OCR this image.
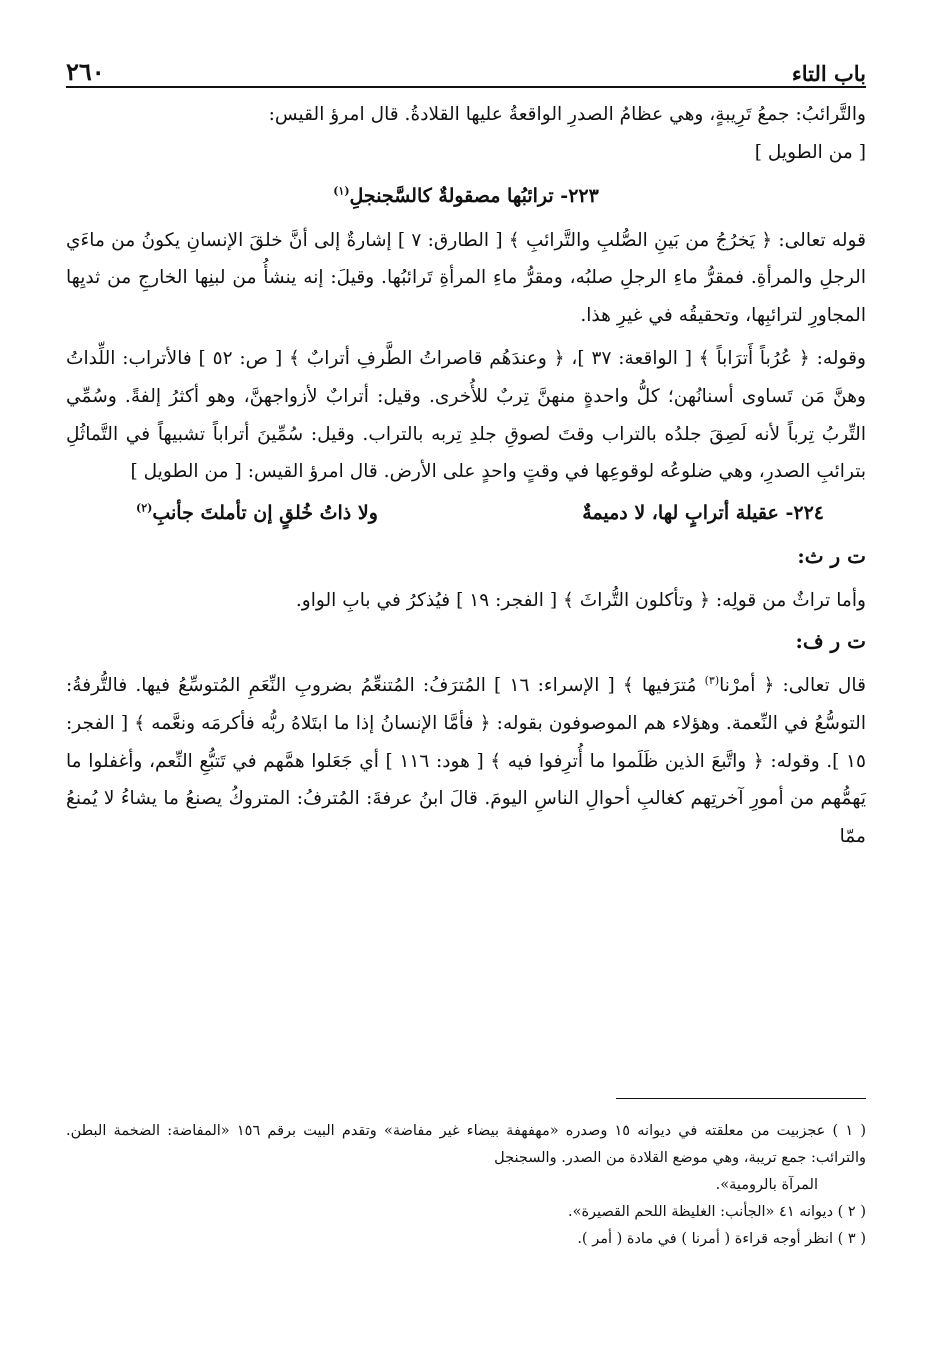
باب التاء
٢٦٠

والتَّرائبُ: جمعُ تَرِيبةٍ، وهي عظامُ الصدرِ الواقعةُ عليها القلادةُ. قال امرؤ القيس:

[ من الطويل ]

٢٢٣- ترائبُها مصقولةٌ كالسَّجنجلِ$^{(١)}$

قوله تعالى: ﴿ يَخرُجُ من بَينِ الصُّلبِ والتَّرائبِ ﴾ [ الطارق: ٧ ] إشارةٌ إلى أنَّ خلقَ الإنسانِ يكونُ من ماءَي الرجلِ والمرأةِ. فمقرُّ ماءِ الرجلِ صلبُه، ومقرُّ ماءِ المرأةِ تَرائبُها. وقيلَ: إنه ينشأُ من لبنِها الخارجِ من ثديِها المجاورِ لترائبِها، وتحقيقُه في غيرِ هذا.

وقوله: ﴿ عُرُباً أَترَاباً ﴾ [ الواقعة: ٣٧ ]، ﴿ وعندَهُم قاصراتُ الطَّرفِ أترابٌ ﴾ [ ص: ٥٢ ] فالأتراب: اللِّداتُ وهنَّ مَن تَساوى أسنانُهن؛ كلُّ واحدةٍ منهنَّ تِربٌ للأُخرى. وقيل: أترابٌ لأزواجهنَّ، وهو أكثرُ إلفةً. وسُمِّي التِّربُ تِرباً لأنه لَصِقَ جلدُه بالتراب وقتَ لصوقِ جلدِ تِربه بالتراب. وقيل: سُمِّينَ أتراباً تشبيهاً في التَّماثُلِ بترائبِ الصدرِ، وهي ضلوعُه لوقوعِها في وقتٍ واحدٍ على الأرض. قال امرؤ القيس: [ من الطويل ]

٢٢٤- عقيلة أترابٍ لها، لا دميمةٌ
ولا ذاتُ خُلقٍ إن تأملتَ جأنبِ$^{(٢)}$

ت ر ث:

وأما تراثٌ من قولِه: ﴿ وتأكلون التُّراثَ ﴾ [ الفجر: ١٩ ] فيُذكرُ في بابِ الواو.

ت ر ف:

قال تعالى: ﴿ أمرْنا$^{(٣)}$ مُترَفيها ﴾ [ الإسراء: ١٦ ] المُترَفُ: المُتنعِّمُ بضروبِ النِّعَمِ المُتوسِّعُ فيها. فالتُّرفةُ: التوسُّعُ في النِّعمة. وهؤلاء هم الموصوفون بقوله: ﴿ فأمَّا الإنسانُ إذا ما ابتَلاهُ ربُّه فأكرمَه ونعَّمه ﴾ [ الفجر: ١٥ ]. وقوله: ﴿ واتَّبعَ الذين ظَلَموا ما أُترِفوا فيه ﴾ [ هود: ١١٦ ] أي جَعَلوا همَّهم في تَتبُّعِ النِّعم، وأغفلوا ما يَهمُّهم من أمورِ آخرتِهم كغالبِ أحوالِ الناسِ اليومَ. قالَ ابنُ عرفةَ: المُترفُ: المتروكُ يصنعُ ما يشاءُ لا يُمنعُ ممّا

( ١ ) عجزبيت من معلقته في ديوانه ١٥ وصدره «مهفهفة بيضاء غير مفاضة» وتقدم البيت برقم ١٥٦ «المفاضة: الضخمة البطن. والترائب: جمع تريبة، وهي موضع القلادة من الصدر. والسجنجل

المرآة بالرومية».

( ٢ ) ديوانه ٤١ «الجأنب: الغليظة اللحم القصيرة».

( ٣ ) انظر أوجه قراءة ( أمرنا ) في مادة ( أمر ).
